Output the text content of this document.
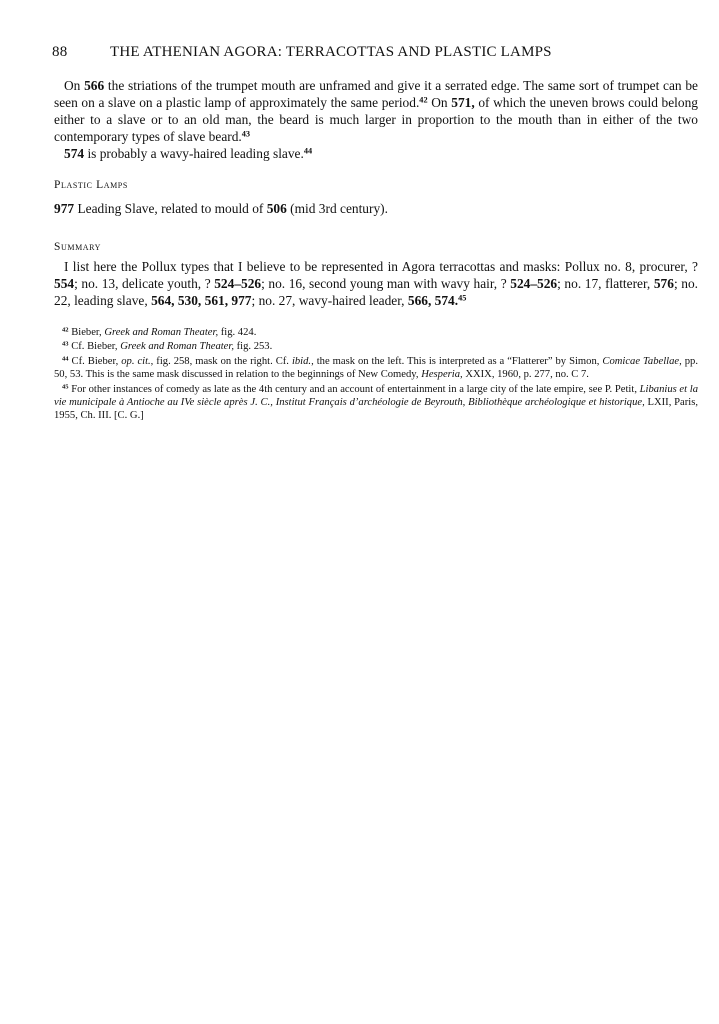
88	THE ATHENIAN AGORA: TERRACOTTAS AND PLASTIC LAMPS

On 566 the striations of the trumpet mouth are unframed and give it a serrated edge. The same sort of trumpet can be seen on a slave on a plastic lamp of approximately the same period.$^{42}$ On 571, of which the uneven brows could belong either to a slave or to an old man, the beard is much larger in proportion to the mouth than in either of the two contemporary types of slave beard.$^{43}$

574 is probably a wavy-haired leading slave.$^{44}$

Plastic Lamps

977 Leading Slave, related to mould of 506 (mid 3rd century).

Summary

I list here the Pollux types that I believe to be represented in Agora terracottas and masks: Pollux no. 8, procurer, ? 554; no. 13, delicate youth, ? 524–526; no. 16, second young man with wavy hair, ? 524–526; no. 17, flatterer, 576; no. 22, leading slave, 564, 530, 561, 977; no. 27, wavy-haired leader, 566, 574.45

$^{42}$ Bieber, Greek and Roman Theater, fig. 424.

$^{43}$ Cf. Bieber, Greek and Roman Theater, fig. 253.

$^{44}$ Cf. Bieber, op. cit., fig. 258, mask on the right. Cf. ibid., the mask on the left. This is interpreted as a “Flatterer” by Simon, Comicae Tabellae, pp. 50, 53. This is the same mask discussed in relation to the beginnings of New Comedy, Hesperia, XXIX, 1960, p. 277, no. C 7.

$^{45}$ For other instances of comedy as late as the 4th century and an account of entertainment in a large city of the late empire, see P. Petit, Libanius et la vie municipale à Antioche au IVe siècle après J. C., Institut Français d’archéologie de Beyrouth, Bibliothèque archéologique et historique, LXII, Paris, 1955, Ch. III. [C. G.]
